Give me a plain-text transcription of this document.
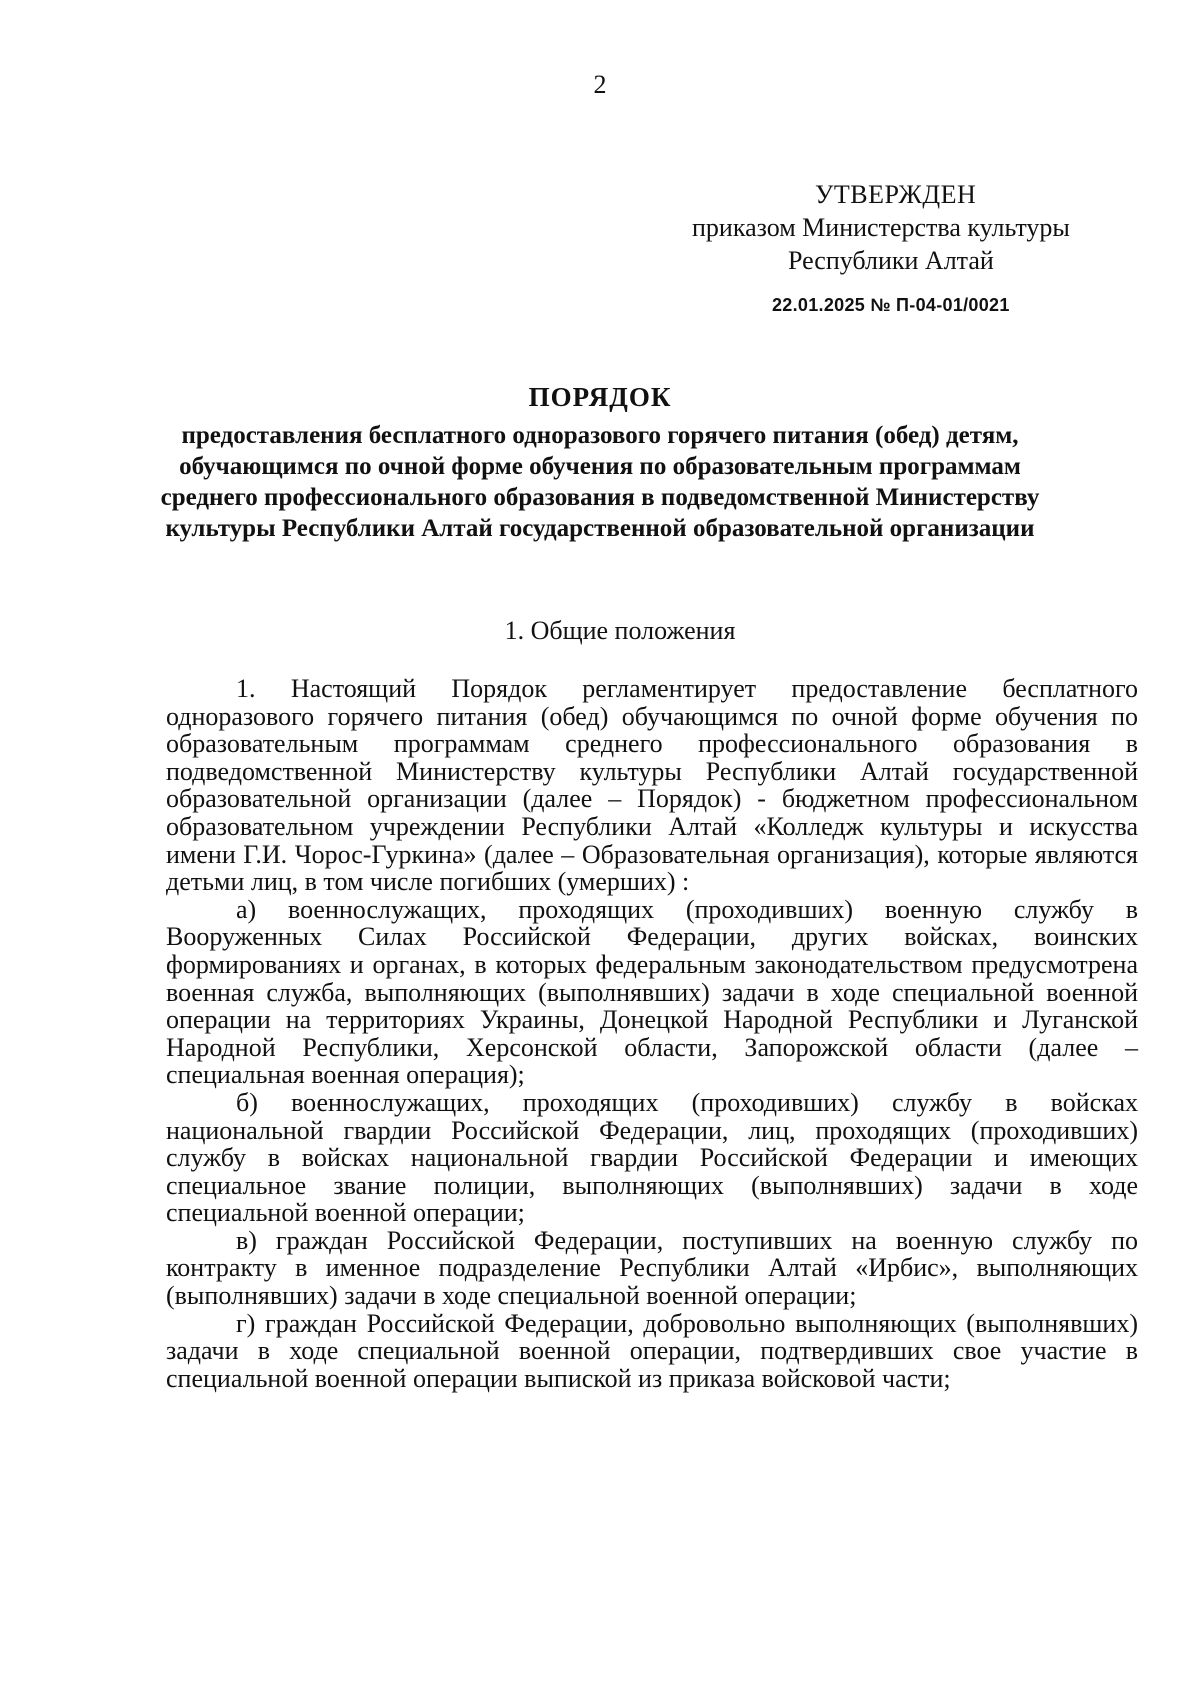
2
УТВЕРЖДЕН
приказом Министерства культуры
Республики Алтай
22.01.2025 № П-04-01/0021
ПОРЯДОК
предоставления бесплатного одноразового горячего питания (обед) детям, обучающимся по очной форме обучения по образовательным программам среднего профессионального образования в подведомственной Министерству культуры Республики Алтай государственной образовательной организации
1. Общие положения

1. Настоящий Порядок регламентирует предоставление бесплатного одноразового горячего питания (обед) обучающимся по очной форме обучения по образовательным программам среднего профессионального образования в подведомственной Министерству культуры Республики Алтай государственной образовательной организации (далее – Порядок) - бюджетном профессиональном образовательном учреждении Республики Алтай «Колледж культуры и искусства имени Г.И. Чорос-Гуркина» (далее – Образовательная организация), которые являются детьми лиц, в том числе погибших (умерших) :

а) военнослужащих, проходящих (проходивших) военную службу в Вооруженных Силах Российской Федерации, других войсках, воинских формированиях и органах, в которых федеральным законодательством предусмотрена военная служба, выполняющих (выполнявших) задачи в ходе специальной военной операции на территориях Украины, Донецкой Народной Республики и Луганской Народной Республики, Херсонской области, Запорожской области (далее – специальная военная операция);

б) военнослужащих, проходящих (проходивших) службу в войсках национальной гвардии Российской Федерации, лиц, проходящих (проходивших) службу в войсках национальной гвардии Российской Федерации и имеющих специальное звание полиции, выполняющих (выполнявших) задачи в ходе специальной военной операции;

в) граждан Российской Федерации, поступивших на военную службу по контракту в именное подразделение Республики Алтай «Ирбис», выполняющих (выполнявших) задачи в ходе специальной военной операции;

г) граждан Российской Федерации, добровольно выполняющих (выполнявших) задачи в ходе специальной военной операции, подтвердивших свое участие в специальной военной операции выпиской из приказа войсковой части;
